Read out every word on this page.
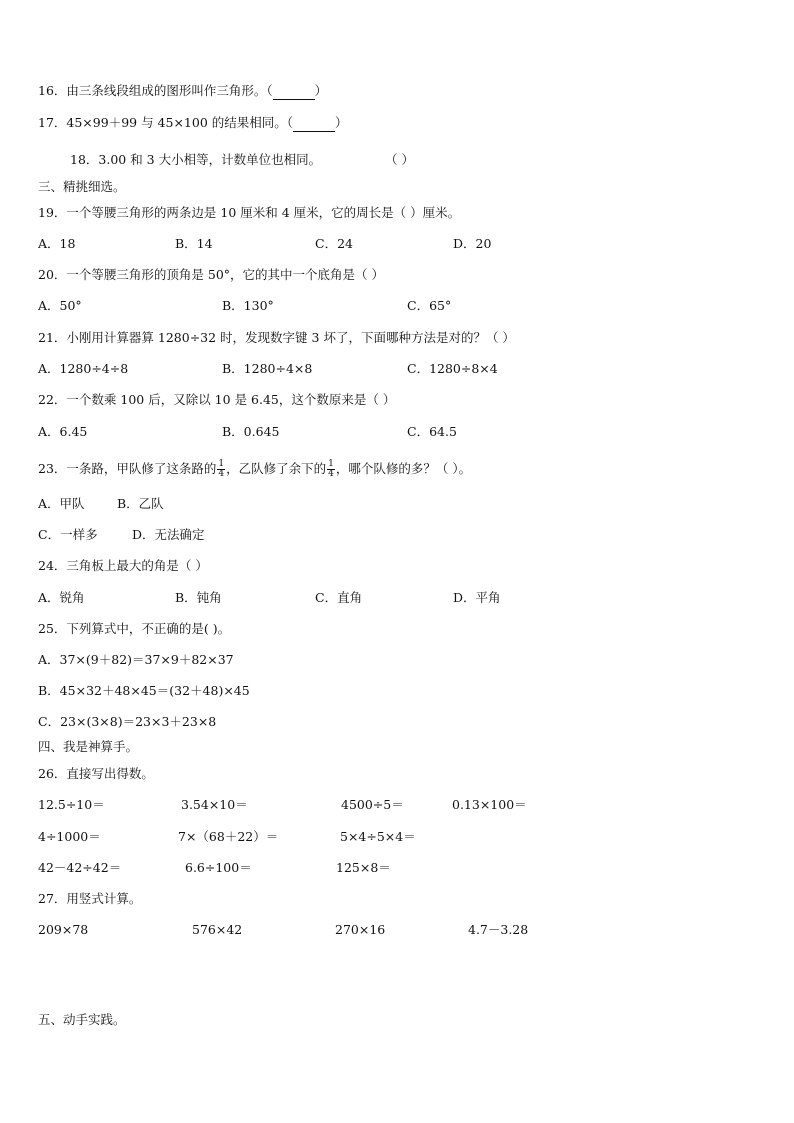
16．由三条线段组成的图形叫作三角形。（	）
17．45×99＋99 与 45×100 的结果相同。（	）
18．3.00 和 3 大小相等，计数单位也相同。	（ ）
三、精挑细选。
19．一个等腰三角形的两条边是 10 厘米和 4 厘米，它的周长是（ ）厘米。
A．18	B．14	C．24	D．20
20．一个等腰三角形的顶角是 50°，它的其中一个底角是（ ）
A．50°	B．130°	C．65°
21．小刚用计算器算 1280÷32 时，发现数字键 3 坏了，下面哪种方法是对的？（ ）
A．1280÷4÷8	B．1280÷4×8	C．1280÷8×4
22．一个数乘 100 后，又除以 10 是 6.45，这个数原来是（ ）
A．6.45	B．0.645	C．64.5
23．一条路，甲队修了这条路的 $\frac{1}{4}$ ，乙队修了余下的 $\frac{1}{4}$ ，哪个队修的多？（ ）。
A．甲队	B．乙队
C．一样多	D．无法确定
24．三角板上最大的角是（ ）
A．锐角	B．钝角	C．直角	D．平角
25．下列算式中，不正确的是( )。
A．37×(9＋82)＝37×9＋82×37
B．45×32＋48×45＝(32＋48)×45
C．23×(3×8)＝23×3＋23×8
四、我是神算手。
26．直接写出得数。
12.5÷10＝	3.54×10＝	4500÷5＝	0.13×100＝
4÷1000＝	7×（68＋22）＝	5×4÷5×4＝
42－42÷42＝	6.6÷100＝	125×8＝
27．用竖式计算。
209×78	576×42	270×16	4.7－3.28
五、动手实践。
